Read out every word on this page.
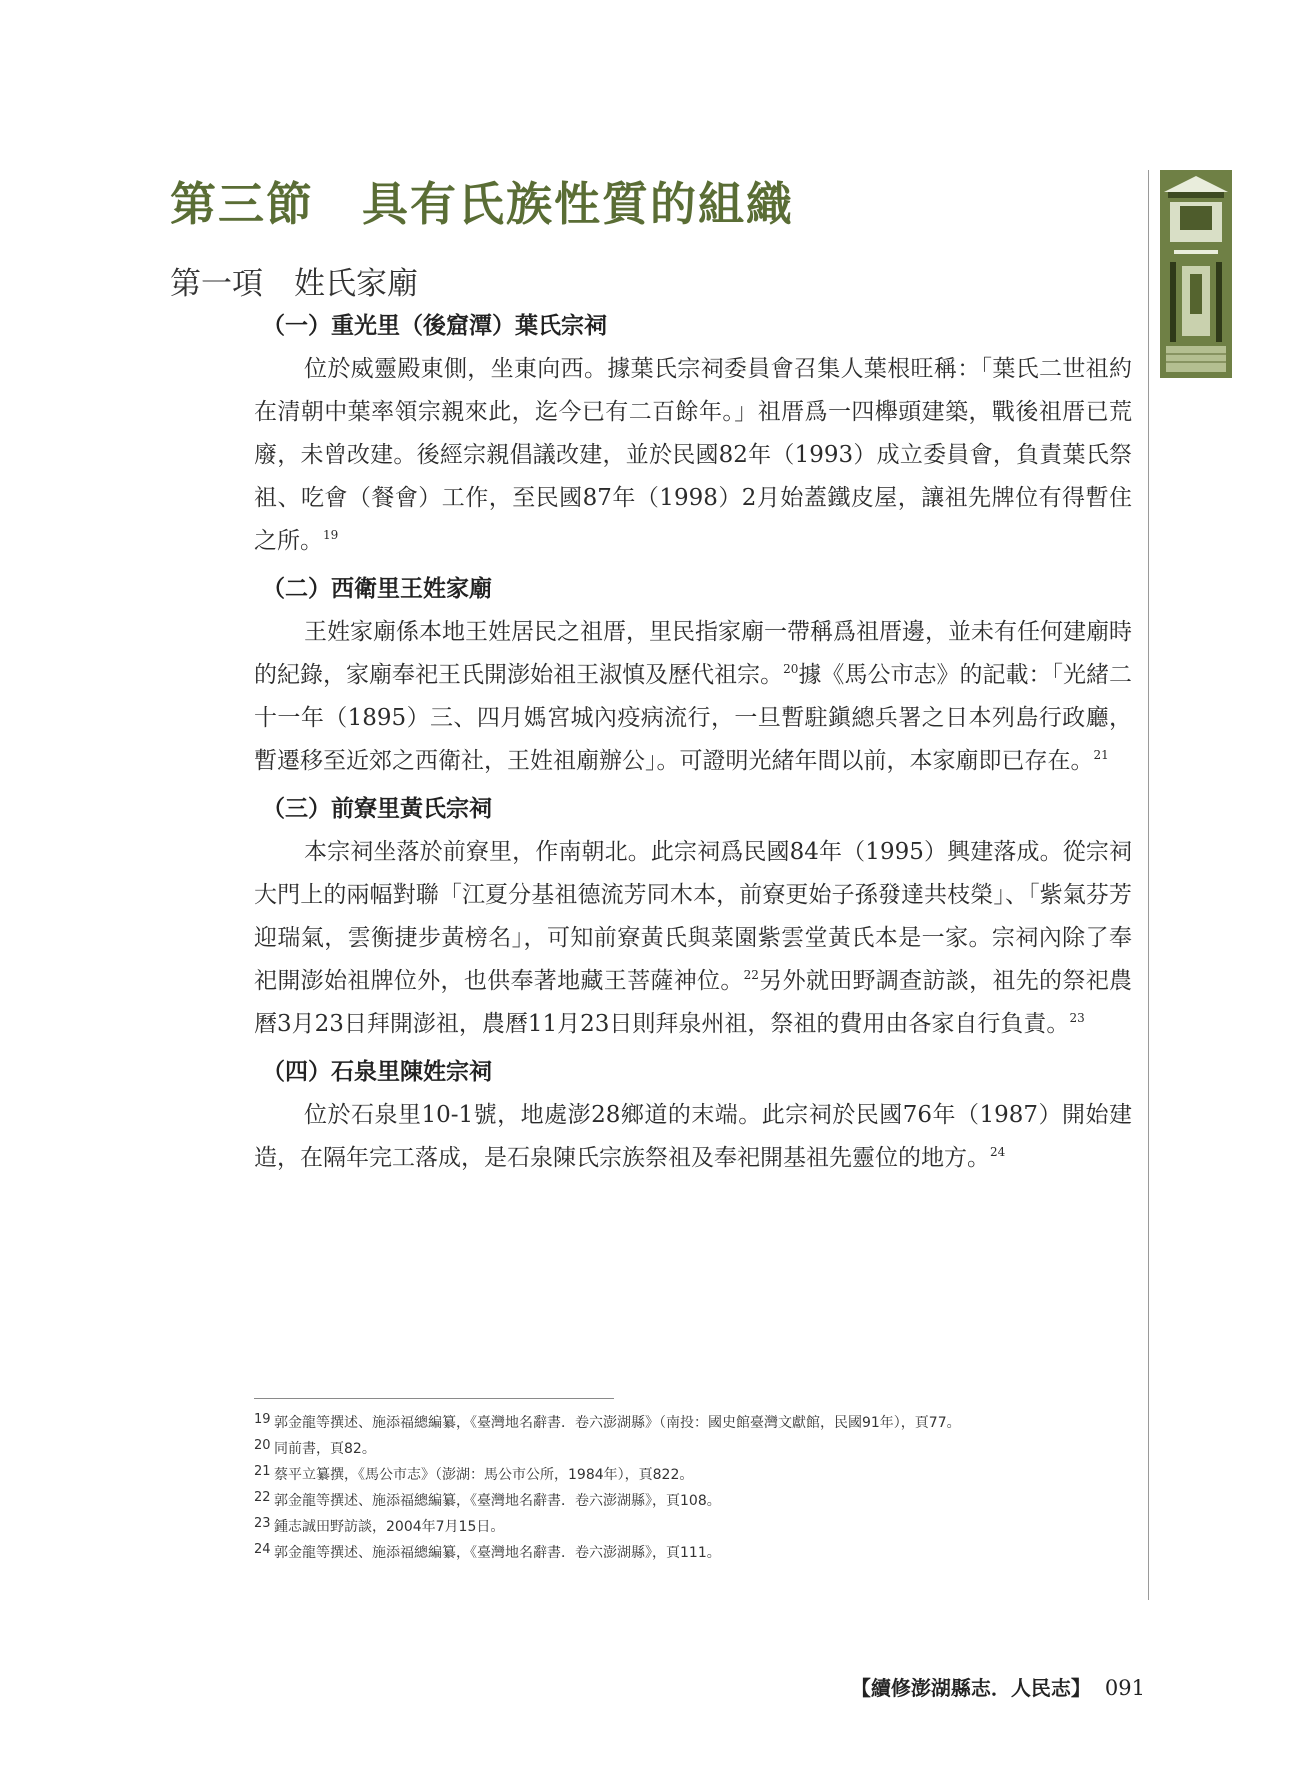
第三節　具有氏族性質的組織
第一項　姓氏家廟
（一）重光里（後窟潭）葉氏宗祠

位於威靈殿東側，坐東向西。據葉氏宗祠委員會召集人葉根旺稱：「葉氏二世祖約在清朝中葉率領宗親來此，迄今已有二百餘年。」祖厝爲一四櫸頭建築，戰後祖厝已荒廢，未曾改建。後經宗親倡議改建，並於民國82年（1993）成立委員會，負責葉氏祭祖、吃會（餐會）工作，至民國87年（1998）2月始蓋鐵皮屋，讓祖先牌位有得暫住之所。$^{19}$

（二）西衛里王姓家廟

王姓家廟係本地王姓居民之祖厝，里民指家廟一帶稱爲祖厝邊，並未有任何建廟時的紀錄，家廟奉祀王氏開澎始祖王淑慎及歷代祖宗。$^{20}$據《馬公市志》的記載：「光緒二十一年（1895）三、四月媽宮城內疫病流行，一旦暫駐鎭總兵署之日本列島行政廳，暫遷移至近郊之西衛社，王姓祖廟辦公」。可證明光緒年間以前，本家廟即已存在。$^{21}$

（三）前寮里黃氏宗祠

本宗祠坐落於前寮里，作南朝北。此宗祠爲民國84年（1995）興建落成。從宗祠大門上的兩幅對聯「江夏分基祖德流芳同木本，前寮更始子孫發達共枝榮」、「紫氣芬芳迎瑞氣，雲衡捷步黃榜名」，可知前寮黃氏與菜園紫雲堂黃氏本是一家。宗祠內除了奉祀開澎始祖牌位外，也供奉著地藏王菩薩神位。$^{22}$另外就田野調查訪談，祖先的祭祀農曆3月23日拜開澎祖，農曆11月23日則拜泉州祖，祭祖的費用由各家自行負責。$^{23}$

（四）石泉里陳姓宗祠

位於石泉里10-1號，地處澎28鄉道的末端。此宗祠於民國76年（1987）開始建造，在隔年完工落成，是石泉陳氏宗族祭祖及奉祀開基祖先靈位的地方。$^{24}$

19 郭金龍等撰述、施添福總編纂，《臺灣地名辭書．卷六澎湖縣》（南投：國史館臺灣文獻館，民國91年），頁77。
20 同前書，頁82。
21 蔡平立纂撰，《馬公市志》（澎湖：馬公市公所，1984年），頁822。
22 郭金龍等撰述、施添福總編纂，《臺灣地名辭書．卷六澎湖縣》，頁108。
23 鍾志誠田野訪談，2004年7月15日。
24 郭金龍等撰述、施添福總編纂，《臺灣地名辭書．卷六澎湖縣》，頁111。
【續修澎湖縣志．人民志】 091
